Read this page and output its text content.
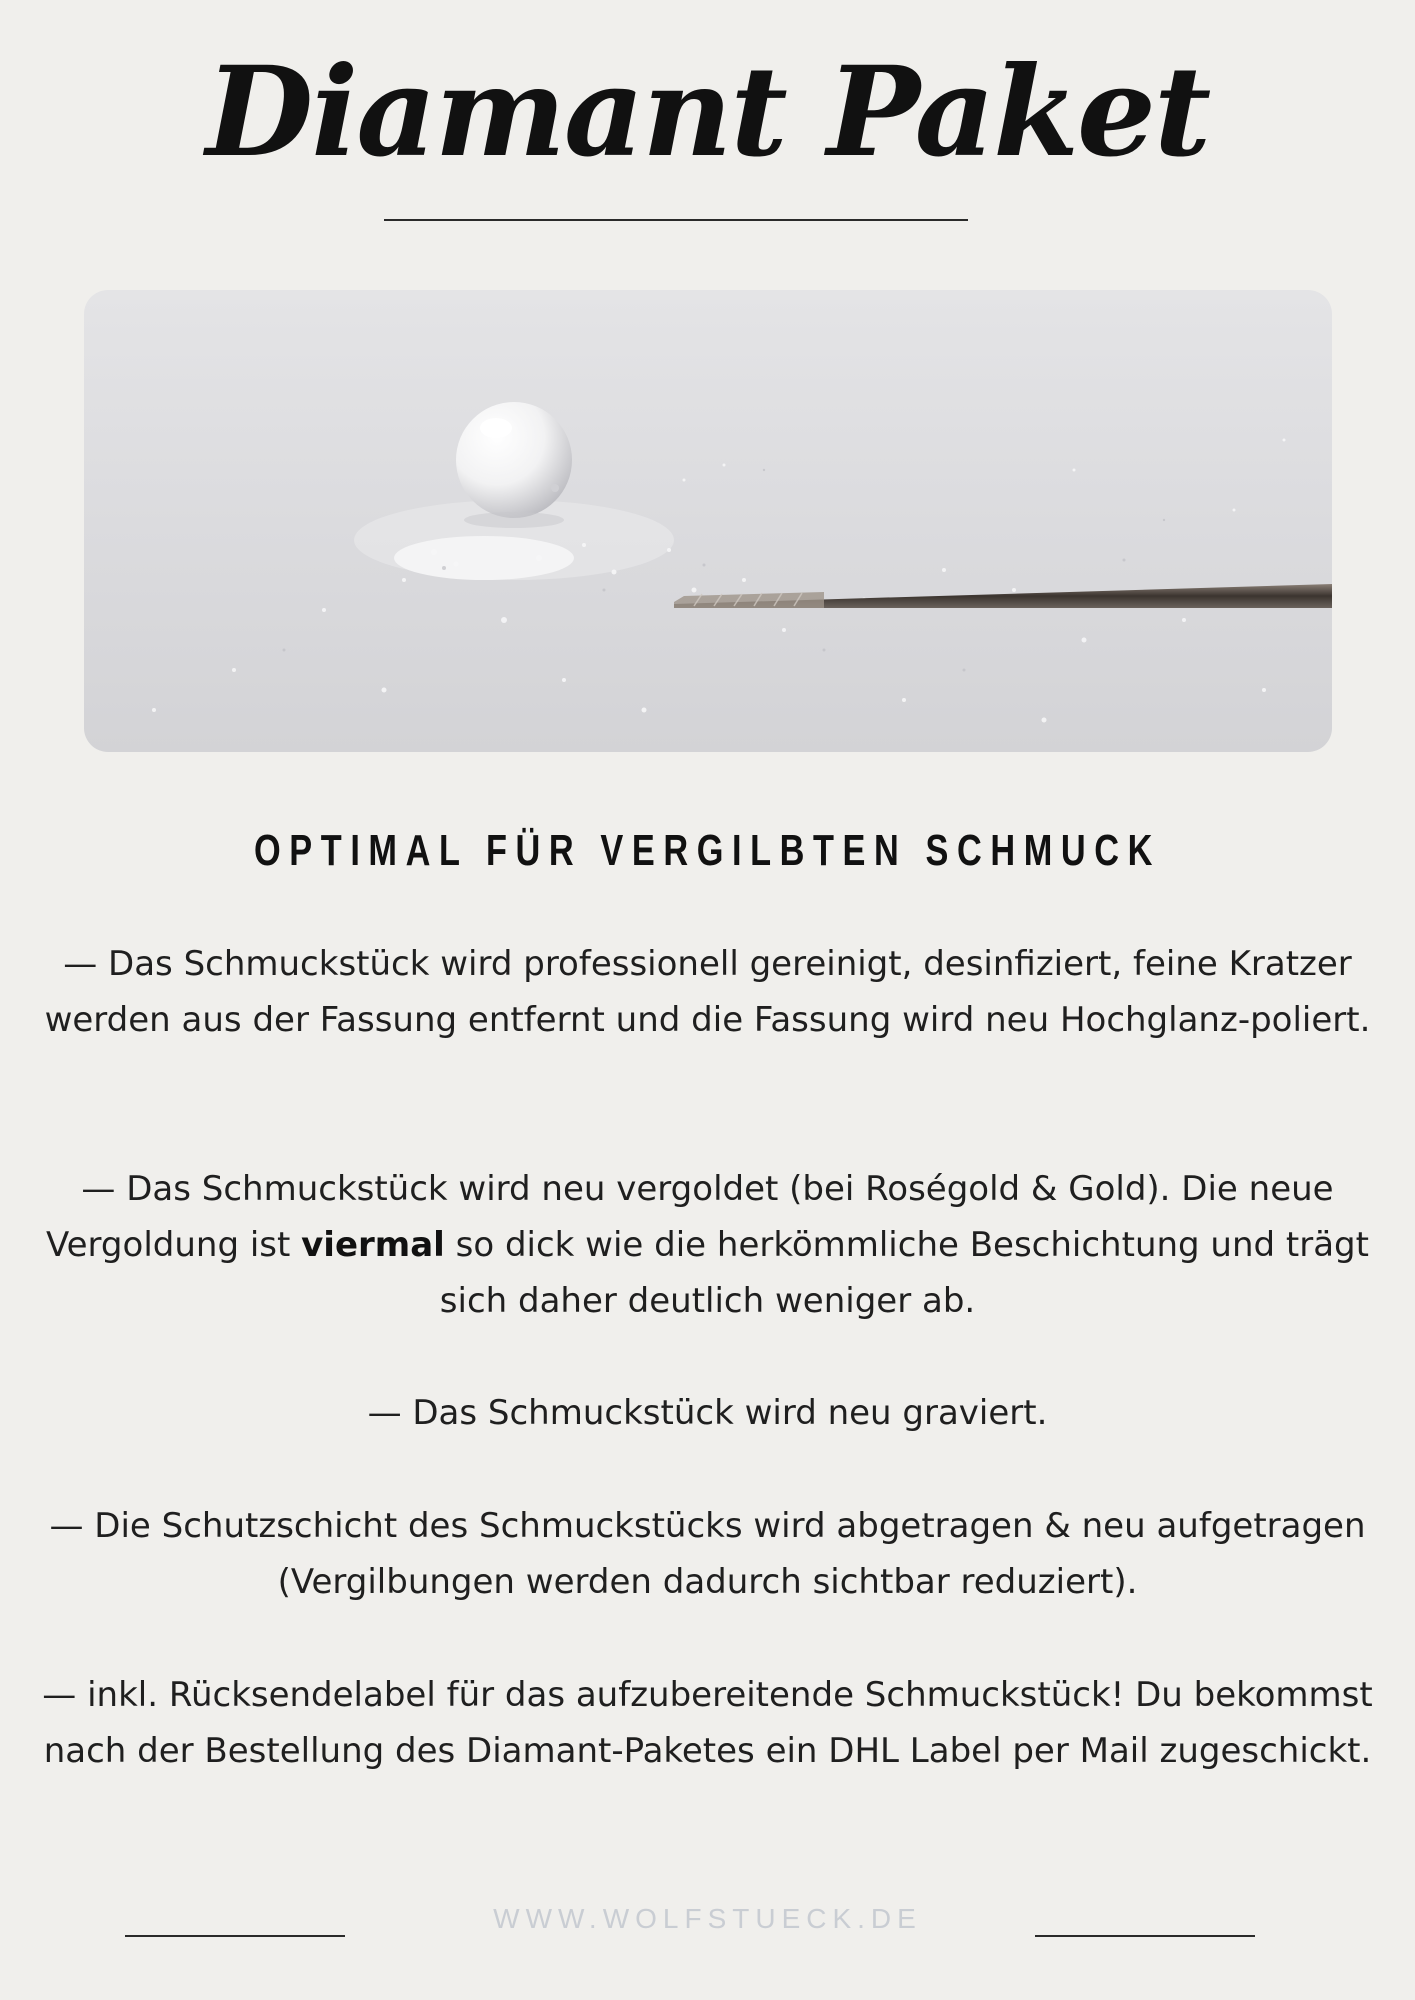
Diamant Paket
OPTIMAL FÜR VERGILBTEN SCHMUCK
— Das Schmuckstück wird professionell gereinigt, desinfiziert, feine Kratzer werden aus der Fassung entfernt und die Fassung wird neu Hochglanz-poliert.
— Das Schmuckstück wird neu vergoldet (bei Roségold & Gold). Die neue Vergoldung ist viermal so dick wie die herkömmliche Beschichtung und trägt sich daher deutlich weniger ab.
— Das Schmuckstück wird neu graviert.
— Die Schutzschicht des Schmuckstücks wird abgetragen & neu aufgetragen (Vergilbungen werden dadurch sichtbar reduziert).
— inkl. Rücksendelabel für das aufzubereitende Schmuckstück! Du bekommst nach der Bestellung des Diamant-Paketes ein DHL Label per Mail zugeschickt.
WWW.WOLFSTUECK.DE
